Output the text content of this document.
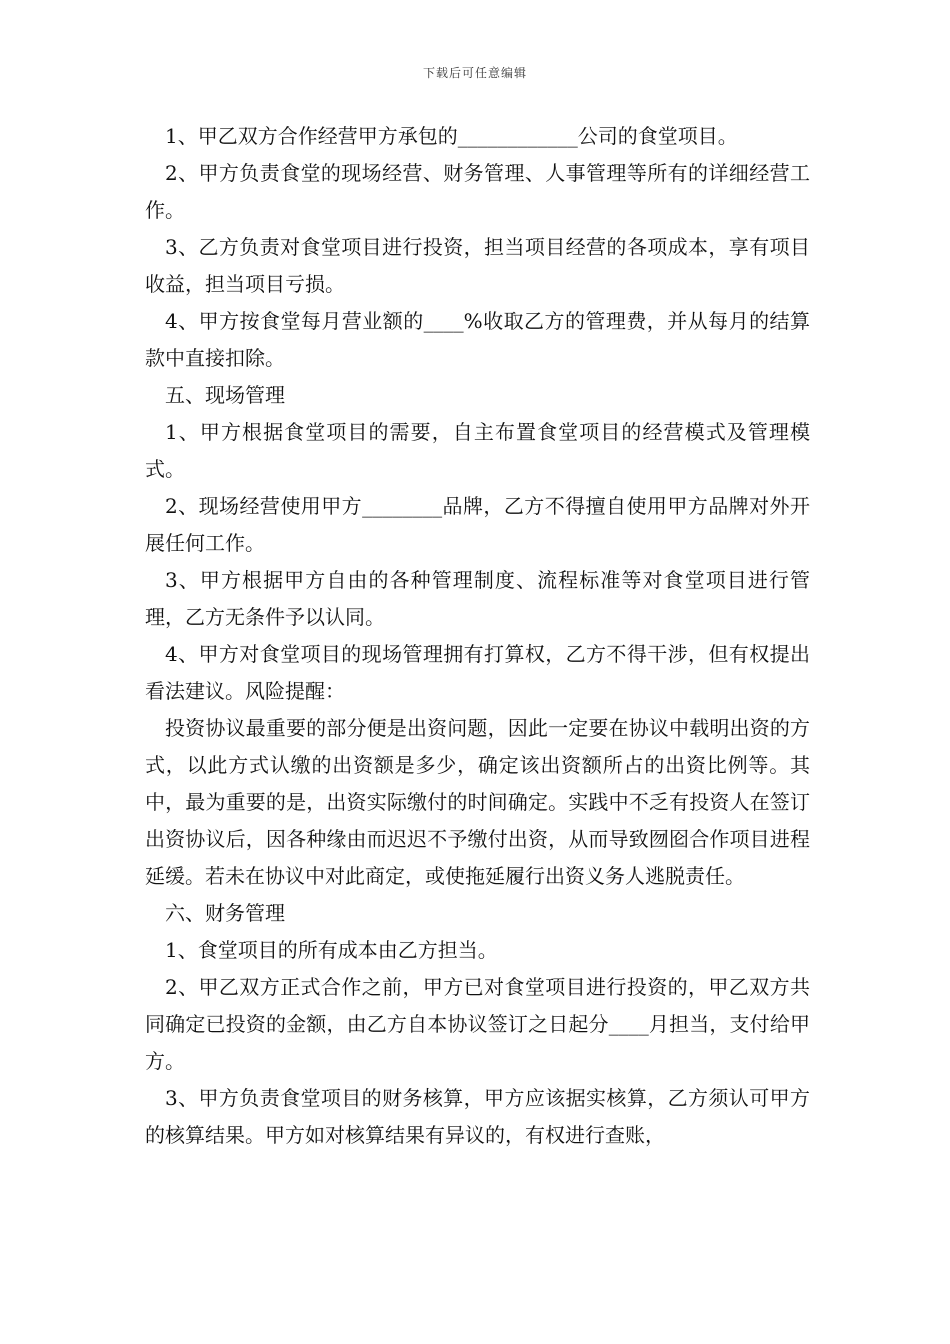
下载后可任意编辑

1、甲乙双方合作经营甲方承包的____________公司的食堂项目。

2、甲方负责食堂的现场经营、财务管理、人事管理等所有的详细经营工作。

3、乙方负责对食堂项目进行投资，担当项目经营的各项成本，享有项目收益，担当项目亏损。

4、甲方按食堂每月营业额的____%收取乙方的管理费，并从每月的结算款中直接扣除。

五、现场管理

1、甲方根据食堂项目的需要，自主布置食堂项目的经营模式及管理模式。

2、现场经营使用甲方________品牌，乙方不得擅自使用甲方品牌对外开展任何工作。

3、甲方根据甲方自由的各种管理制度、流程标准等对食堂项目进行管理，乙方无条件予以认同。

4、甲方对食堂项目的现场管理拥有打算权，乙方不得干涉，但有权提出看法建议。风险提醒：

投资协议最重要的部分便是出资问题，因此一定要在协议中载明出资的方式，以此方式认缴的出资额是多少，确定该出资额所占的出资比例等。其中，最为重要的是，出资实际缴付的时间确定。实践中不乏有投资人在签订出资协议后，因各种缘由而迟迟不予缴付出资，从而导致囫囵合作项目进程延缓。若未在协议中对此商定，或使拖延履行出资义务人逃脱责任。

六、财务管理

1、食堂项目的所有成本由乙方担当。

2、甲乙双方正式合作之前，甲方已对食堂项目进行投资的，甲乙双方共同确定已投资的金额，由乙方自本协议签订之日起分____月担当，支付给甲方。

3、甲方负责食堂项目的财务核算，甲方应该据实核算，乙方须认可甲方的核算结果。甲方如对核算结果有异议的，有权进行查账，
